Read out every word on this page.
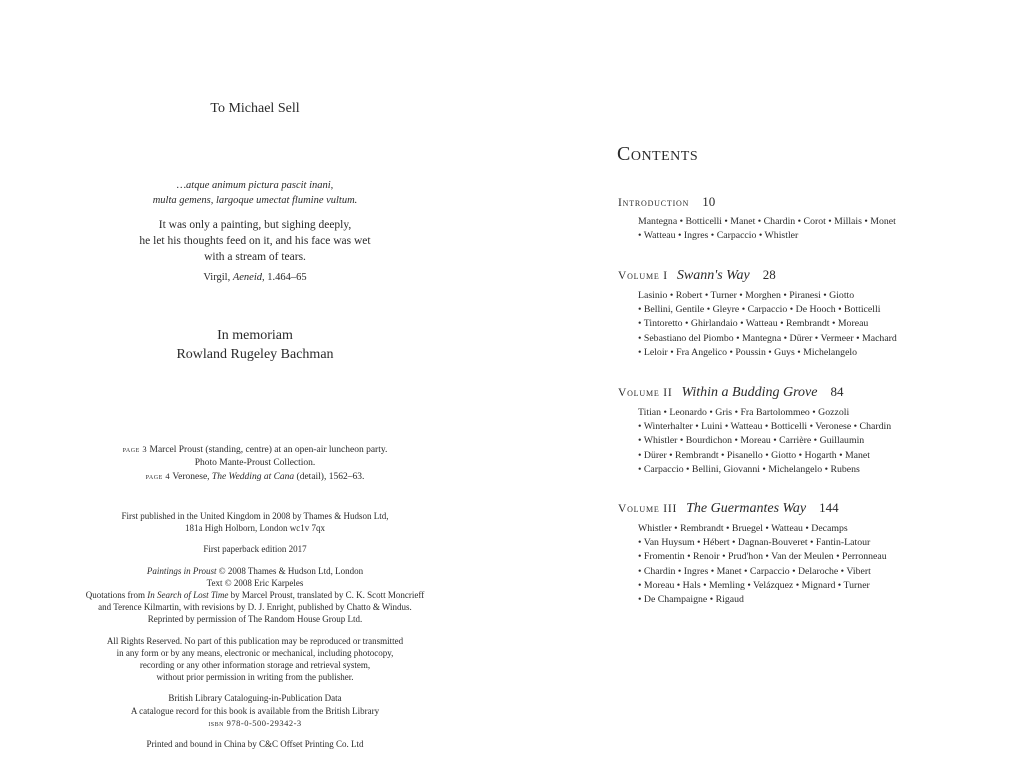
To Michael Sell
…atque animum pictura pascit inani,
multa gemens, largoque umectat flumine vultum.
It was only a painting, but sighing deeply,
he let his thoughts feed on it, and his face was wet
with a stream of tears.
Virgil, Aeneid, 1.464–65
In memoriam
Rowland Rugeley Bachman
page 3 Marcel Proust (standing, centre) at an open-air luncheon party.
Photo Mante-Proust Collection.
page 4 Veronese, The Wedding at Cana (detail), 1562–63.
First published in the United Kingdom in 2008 by Thames & Hudson Ltd,
181a High Holborn, London wc1v 7qx
First paperback edition 2017
Paintings in Proust © 2008 Thames & Hudson Ltd, London
Text © 2008 Eric Karpeles
Quotations from In Search of Lost Time by Marcel Proust, translated by C. K. Scott Moncrieff
and Terence Kilmartin, with revisions by D. J. Enright, published by Chatto & Windus.
Reprinted by permission of The Random House Group Ltd.
All Rights Reserved. No part of this publication may be reproduced or transmitted
in any form or by any means, electronic or mechanical, including photocopy,
recording or any other information storage and retrieval system,
without prior permission in writing from the publisher.
British Library Cataloguing-in-Publication Data
A catalogue record for this book is available from the British Library
isbn 978-0-500-29342-3
Printed and bound in China by C&C Offset Printing Co. Ltd
Contents
Introduction 10
Mantegna • Botticelli • Manet • Chardin • Corot • Millais • Monet
• Watteau • Ingres • Carpaccio • Whistler
Volume I Swann's Way 28
Lasinio • Robert • Turner • Morghen • Piranesi • Giotto
• Bellini, Gentile • Gleyre • Carpaccio • De Hooch • Botticelli
• Tintoretto • Ghirlandaio • Watteau • Rembrandt • Moreau
• Sebastiano del Piombo • Mantegna • Dürer • Vermeer • Machard
• Leloir • Fra Angelico • Poussin • Guys • Michelangelo
Volume II Within a Budding Grove 84
Titian • Leonardo • Gris • Fra Bartolommeo • Gozzoli
• Winterhalter • Luini • Watteau • Botticelli • Veronese • Chardin
• Whistler • Bourdichon • Moreau • Carrière • Guillaumin
• Dürer • Rembrandt • Pisanello • Giotto • Hogarth • Manet
• Carpaccio • Bellini, Giovanni • Michelangelo • Rubens
Volume III The Guermantes Way 144
Whistler • Rembrandt • Bruegel • Watteau • Decamps
• Van Huysum • Hébert • Dagnan-Bouveret • Fantin-Latour
• Fromentin • Renoir • Prud'hon • Van der Meulen • Perronneau
• Chardin • Ingres • Manet • Carpaccio • Delaroche • Vibert
• Moreau • Hals • Memling • Velázquez • Mignard • Turner
• De Champaigne • Rigaud
